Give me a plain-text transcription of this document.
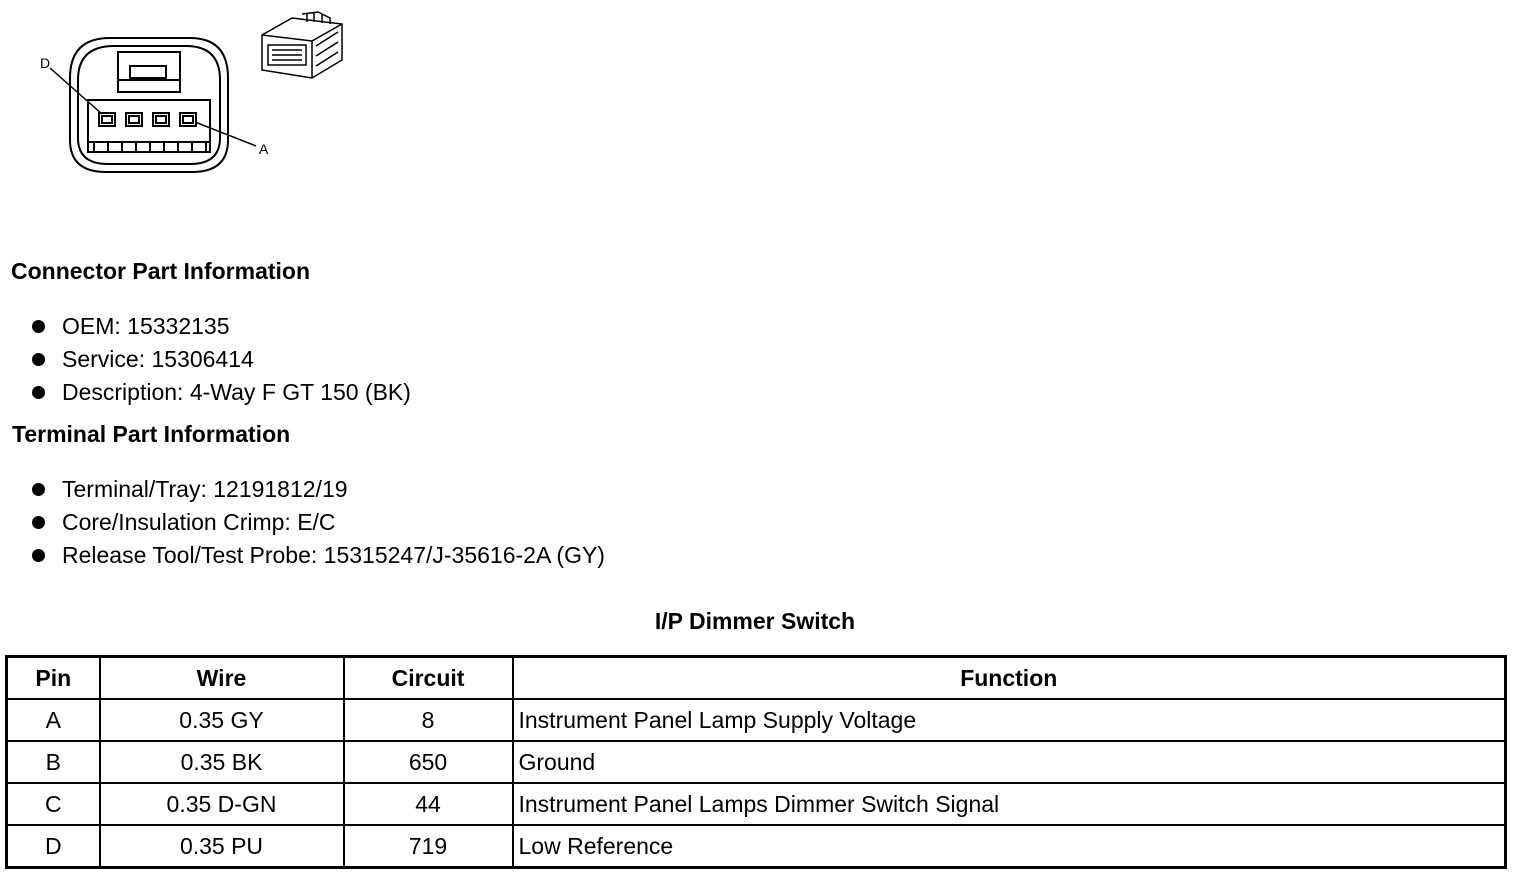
D
A
Connector Part Information
OEM: 15332135
Service: 15306414
Description: 4-Way F GT 150 (BK)
Terminal Part Information
Terminal/Tray: 12191812/19
Core/Insulation Crimp: E/C
Release Tool/Test Probe: 15315247/J-35616-2A (GY)
I/P Dimmer Switch
Pin	Wire	Circuit	Function
A	0.35 GY	8	Instrument Panel Lamp Supply Voltage
B	0.35 BK	650	Ground
C	0.35 D-GN	44	Instrument Panel Lamps Dimmer Switch Signal
D	0.35 PU	719	Low Reference
